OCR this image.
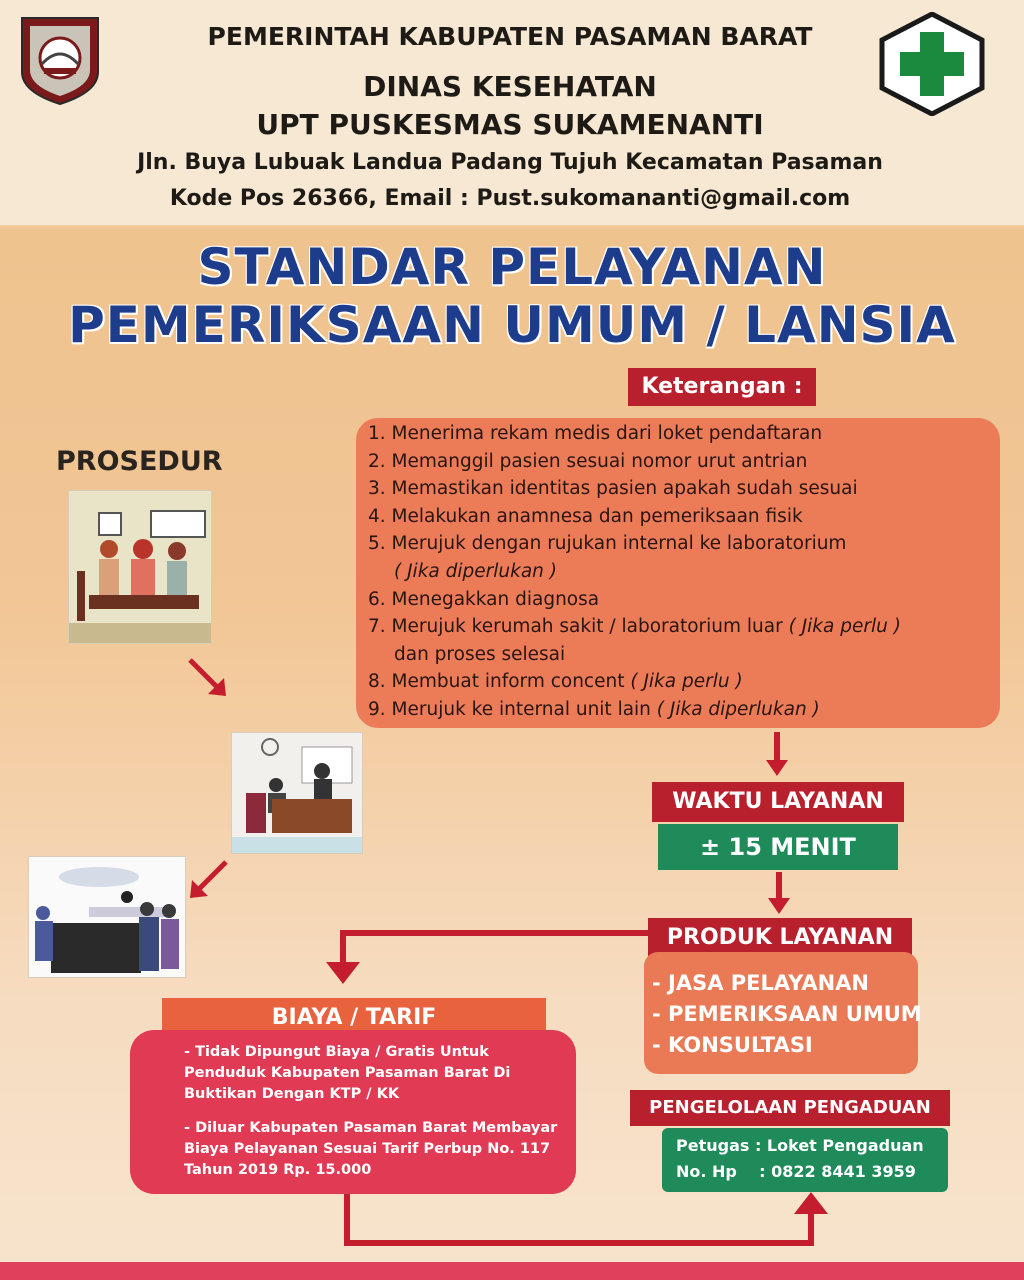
PEMERINTAH KABUPATEN PASAMAN BARAT
DINAS KESEHATAN
UPT PUSKESMAS SUKAMENANTI
Jln. Buya Lubuak Landua Padang Tujuh Kecamatan Pasaman
Kode Pos 26366, Email : Pust.sukomananti@gmail.com
STANDAR PELAYANAN
PEMERIKSAAN UMUM / LANSIA
Keterangan :
PROSEDUR
1. Menerima rekam medis dari loket pendaftaran
2. Memanggil pasien sesuai nomor urut antrian
3. Memastikan identitas pasien apakah sudah sesuai
4. Melakukan anamnesa dan pemeriksaan fisik
5. Merujuk dengan rujukan internal ke laboratorium
( Jika diperlukan )
6. Menegakkan diagnosa
7. Merujuk kerumah sakit / laboratorium luar ( Jika perlu )
dan proses selesai
8. Membuat inform concent ( Jika perlu )
9. Merujuk ke internal unit lain ( Jika diperlukan )
WAKTU LAYANAN
± 15 MENIT
PRODUK LAYANAN
- JASA PELAYANAN
- PEMERIKSAAN UMUM
- KONSULTASI
BIAYA / TARIF
- Tidak Dipungut Biaya / Gratis Untuk Penduduk Kabupaten Pasaman Barat Di Buktikan Dengan KTP / KK
- Diluar Kabupaten Pasaman Barat Membayar Biaya Pelayanan Sesuai Tarif Perbup No. 117 Tahun 2019 Rp. 15.000
PENGELOLAAN PENGADUAN
Petugas : Loket Pengaduan
No. Hp    : 0822 8441 3959
